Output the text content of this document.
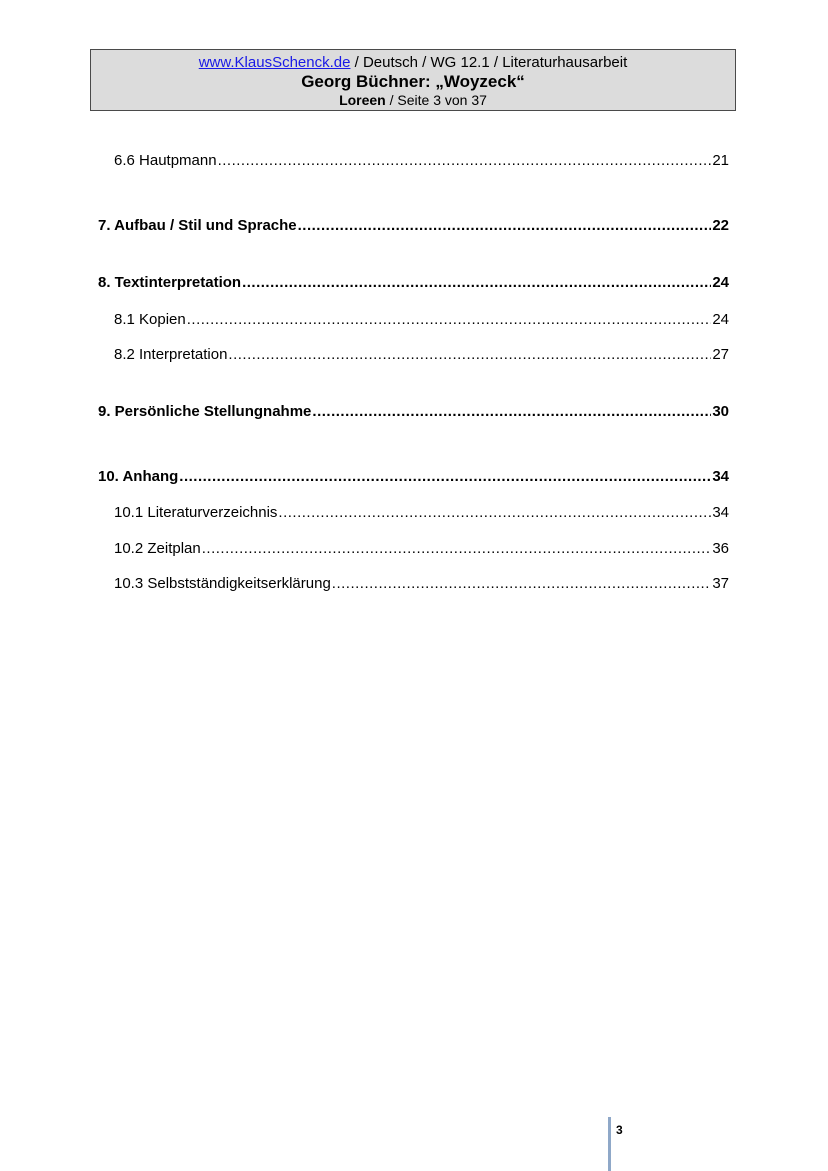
www.KlausSchenck.de / Deutsch / WG 12.1 / Literaturhausarbeit
Georg Büchner: „Woyzeck“
Loreen / Seite 3 von 37
6.6 Hautpmann .....	21
7. Aufbau / Stil und Sprache .....	22
8. Textinterpretation .....	24
8.1 Kopien .....	24
8.2 Interpretation .....	27
9. Persönliche Stellungnahme .....	30
10. Anhang .....	34
10.1 Literaturverzeichnis .....	34
10.2 Zeitplan .....	36
10.3 Selbstständigkeitserklärung .....	37
3
